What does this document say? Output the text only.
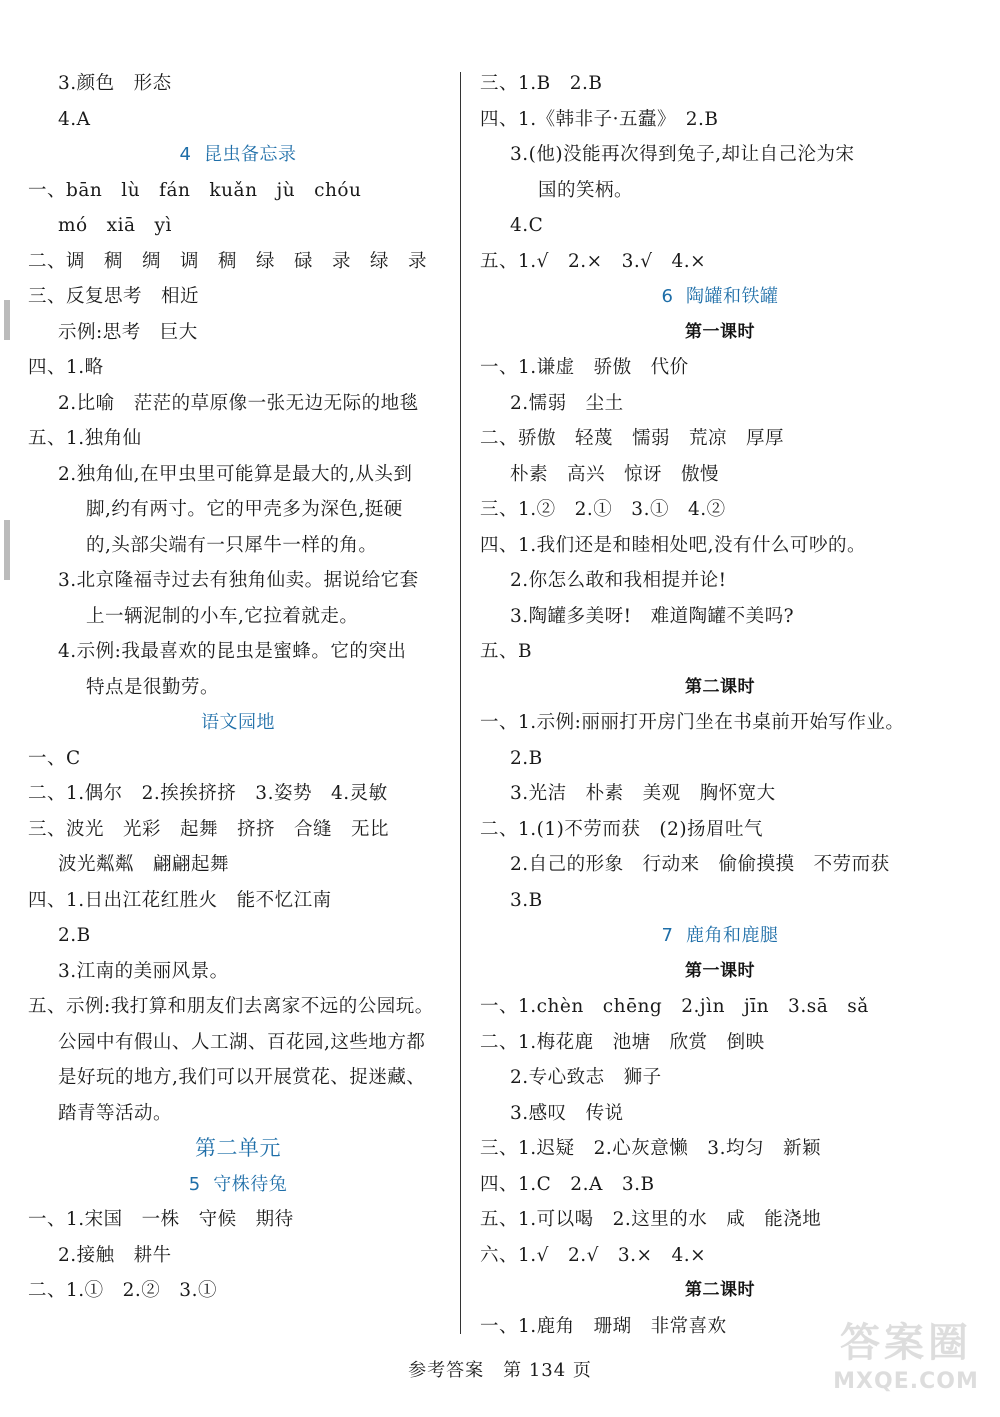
3.颜色　形态
4.A
4  昆虫备忘录
一、bān　lù　fán　kuǎn　jù　chóu
mó　xiā　yì
二、调　稠　绸　调　稠　绿　碌　录　绿　录
三、反复思考　相近
示例:思考　巨大
四、1.略
2.比喻　茫茫的草原像一张无边无际的地毯
五、1.独角仙
2.独角仙,在甲虫里可能算是最大的,从头到
脚,约有两寸。它的甲壳多为深色,挺硬
的,头部尖端有一只犀牛一样的角。
3.北京隆福寺过去有独角仙卖。据说给它套
上一辆泥制的小车,它拉着就走。
4.示例:我最喜欢的昆虫是蜜蜂。它的突出
特点是很勤劳。
语文园地
一、C
二、1.偶尔　2.挨挨挤挤　3.姿势　4.灵敏
三、波光　光彩　起舞　挤挤　合缝　无比
波光粼粼　翩翩起舞
四、1.日出江花红胜火　能不忆江南
2.B
3.江南的美丽风景。
五、示例:我打算和朋友们去离家不远的公园玩。
公园中有假山、人工湖、百花园,这些地方都
是好玩的地方,我们可以开展赏花、捉迷藏、
踏青等活动。
第二单元
5  守株待兔
一、1.宋国　一株　守候　期待
2.接触　耕牛
二、1.①　2.②　3.①
三、1.B　2.B
四、1.《韩非子·五蠹》　2.B
3.(他)没能再次得到兔子,却让自己沦为宋
国的笑柄。
4.C
五、1.√　2.×　3.√　4.×
6  陶罐和铁罐
第一课时
一、1.谦虚　骄傲　代价
2.懦弱　尘土
二、骄傲　轻蔑　懦弱　荒凉　厚厚
朴素　高兴　惊讶　傲慢
三、1.②　2.①　3.①　4.②
四、1.我们还是和睦相处吧,没有什么可吵的。
2.你怎么敢和我相提并论!
3.陶罐多美呀!　难道陶罐不美吗?
五、B
第二课时
一、1.示例:丽丽打开房门坐在书桌前开始写作业。
2.B
3.光洁　朴素　美观　胸怀宽大
二、1.(1)不劳而获　(2)扬眉吐气
2.自己的形象　行动来　偷偷摸摸　不劳而获
3.B
7  鹿角和鹿腿
第一课时
一、1.chèn　chēng　2.jìn　jīn　3.sā　sǎ
二、1.梅花鹿　池塘　欣赏　倒映
2.专心致志　狮子
3.感叹　传说
三、1.迟疑　2.心灰意懒　3.均匀　新颖
四、1.C　2.A　3.B
五、1.可以喝　2.这里的水　咸　能浇地
六、1.√　2.√　3.×　4.×
第二课时
一、1.鹿角　珊瑚　非常喜欢
参考答案　第 134 页
答案圈
MXQE.COM
